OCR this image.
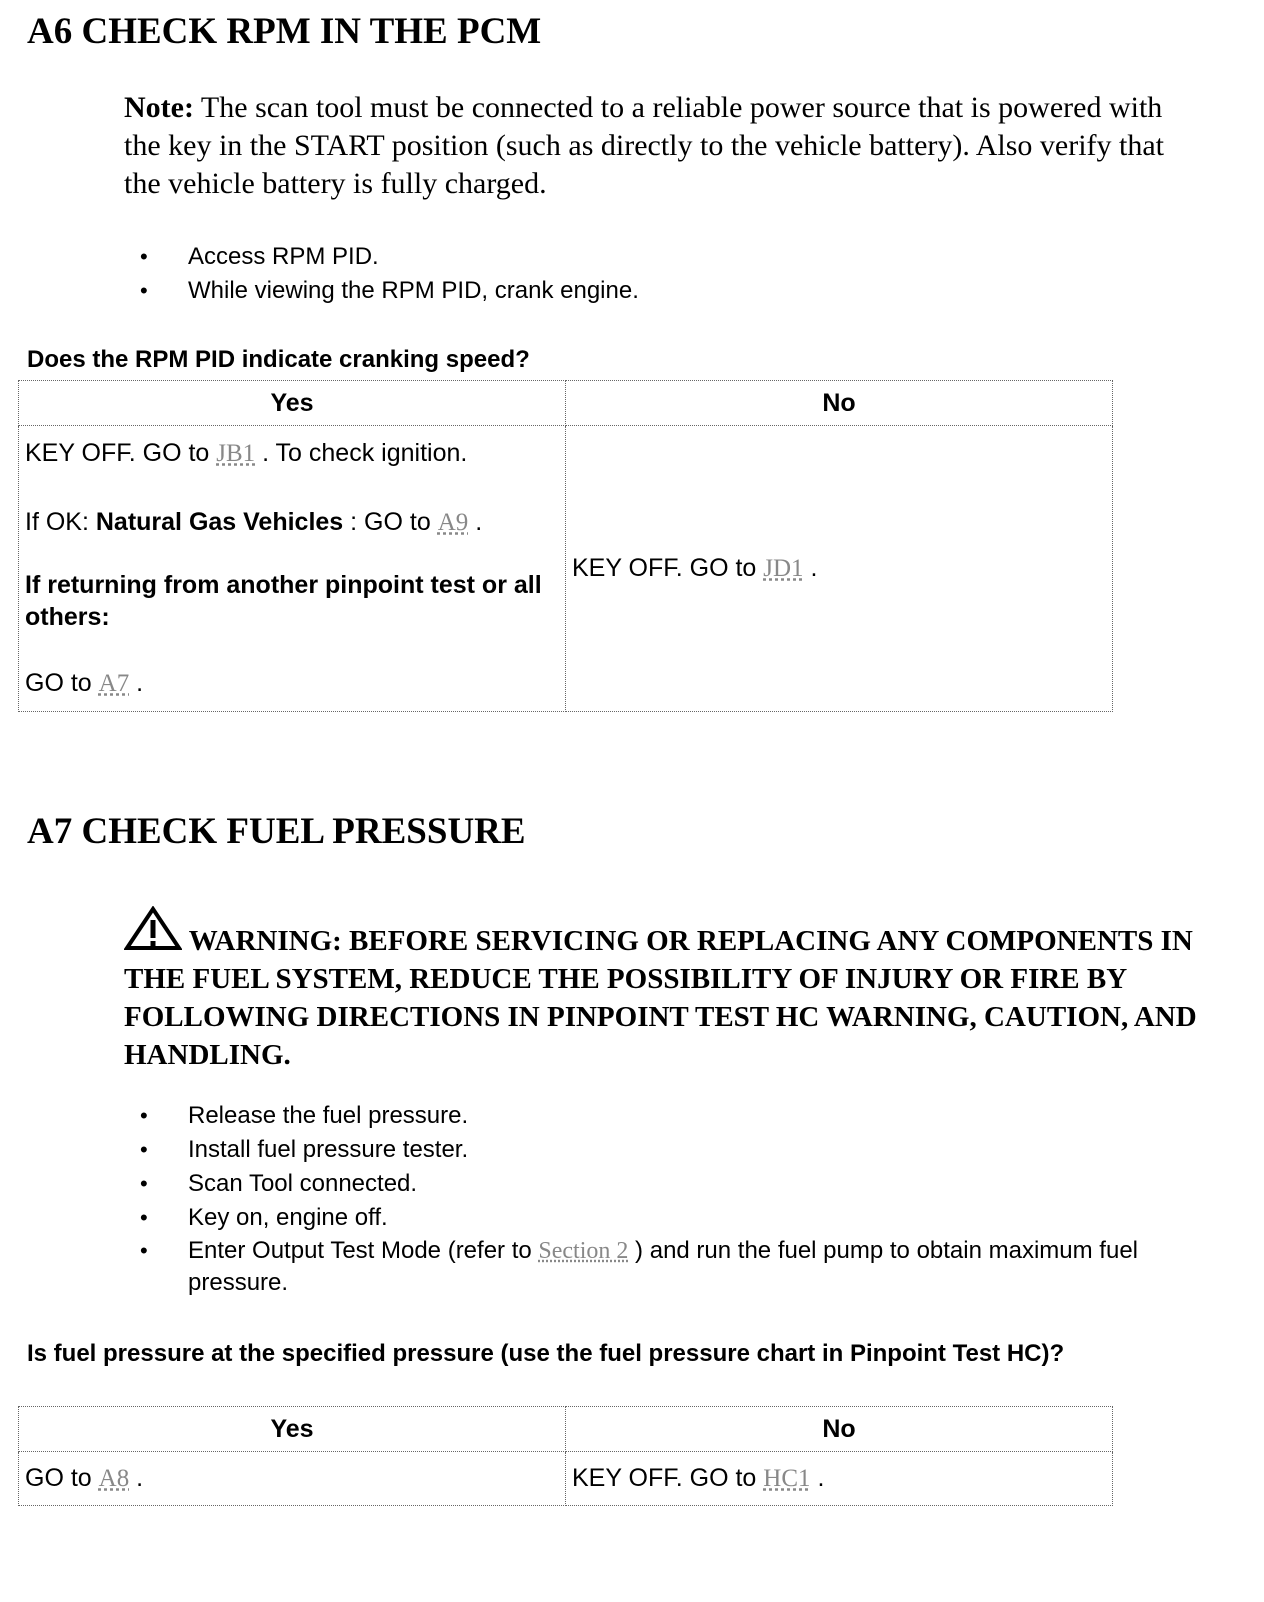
A6 CHECK RPM IN THE PCM
Note: The scan tool must be connected to a reliable power source that is powered with the key in the START position (such as directly to the vehicle battery). Also verify that the vehicle battery is fully charged.
• Access RPM PID.
• While viewing the RPM PID, crank engine.
Does the RPM PID indicate cranking speed?
Yes	No

KEY OFF. GO to JB1 . To check ignition.

If OK: Natural Gas Vehicles : GO to A9 .

If returning from another pinpoint test or all others:

GO to A7 .	KEY OFF. GO to JD1 .
A7 CHECK FUEL PRESSURE
WARNING: BEFORE SERVICING OR REPLACING ANY COMPONENTS IN THE FUEL SYSTEM, REDUCE THE POSSIBILITY OF INJURY OR FIRE BY FOLLOWING DIRECTIONS IN PINPOINT TEST HC WARNING, CAUTION, AND HANDLING.
• Release the fuel pressure.
• Install fuel pressure tester.
• Scan Tool connected.
• Key on, engine off.
• Enter Output Test Mode (refer to Section 2 ) and run the fuel pump to obtain maximum fuel pressure.
Is fuel pressure at the specified pressure (use the fuel pressure chart in Pinpoint Test HC)?
Yes	No
GO to A8 .	KEY OFF. GO to HC1 .
